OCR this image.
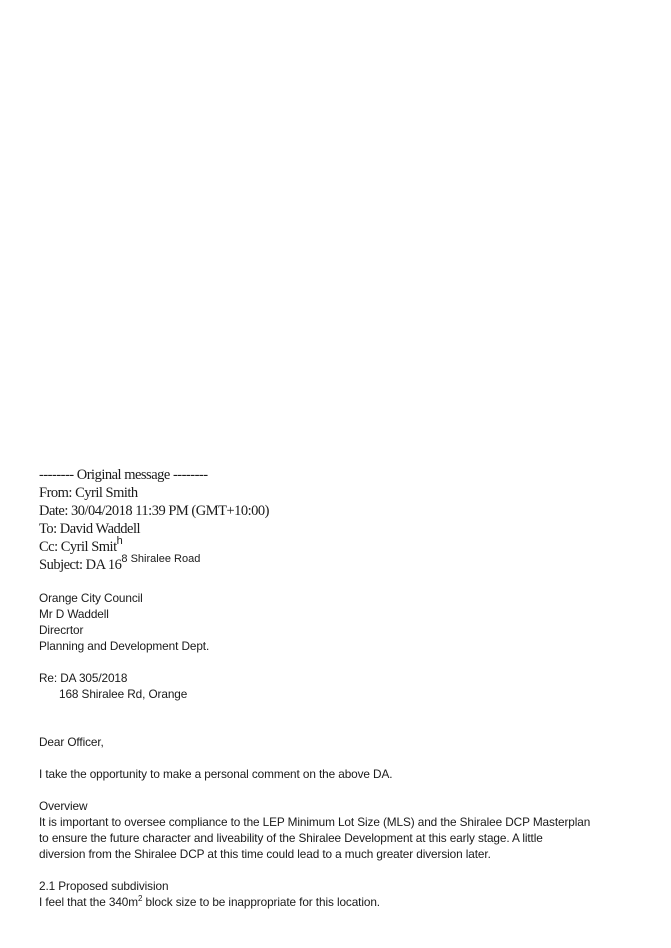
-------- Original message --------
From: Cyril Smith
Date: 30/04/2018 11:39 PM (GMT+10:00)
To: David Waddell
Cc: Cyril Smit$^h$
Subject: DA $16^{8 Shiralee Road}$

Orange City Council

Mr D Waddell

Direcrtor

Planning and Development Dept.

Re: DA 305/2018

168 Shiralee Rd, Orange

Dear Officer,

I take the opportunity to make a personal comment on the above DA.

Overview

It is important to oversee compliance to the LEP Minimum Lot Size (MLS) and the Shiralee DCP Masterplan

to ensure the future character and liveability of the Shiralee Development at this early stage. A little

diversion from the Shiralee DCP at this time could lead to a much greater diversion later.

2.1 Proposed subdivision

I feel that the $340m^2$ block size to be inappropriate for this location.
